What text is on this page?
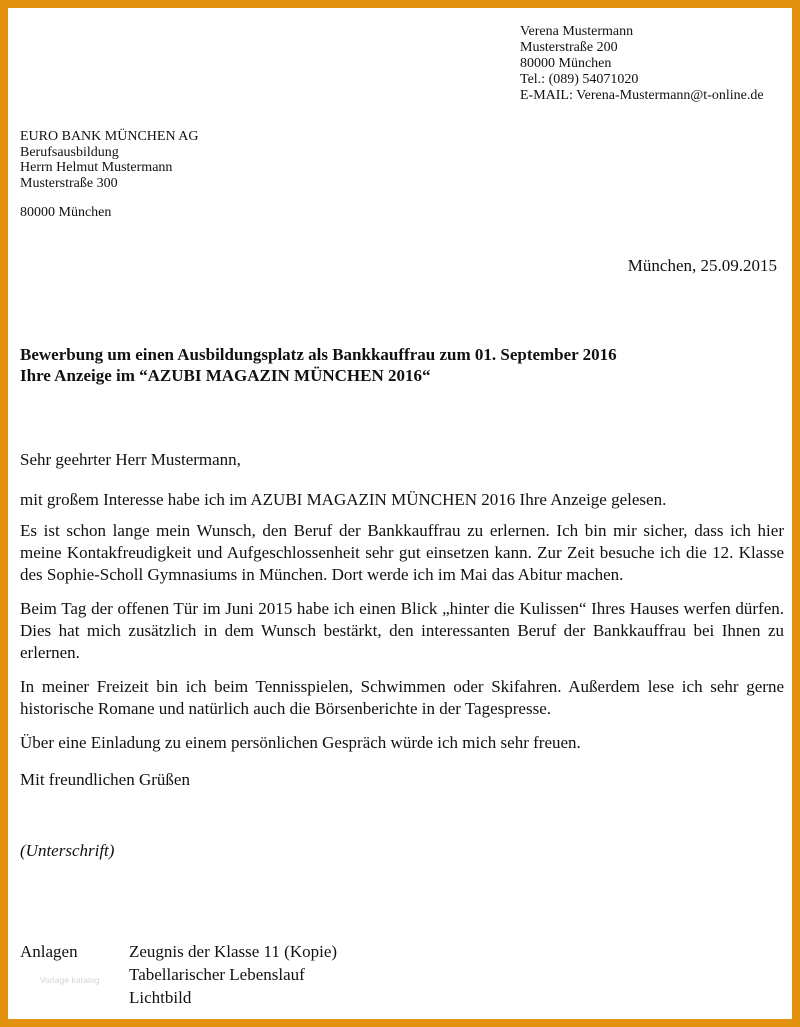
Verena Mustermann
Musterstraße 200
80000 München
Tel.: (089) 54071020
E-MAIL: Verena-Mustermann@t-online.de
EURO BANK MÜNCHEN AG
Berufsausbildung
Herrn Helmut Mustermann
Musterstraße 300
80000 München
München, 25.09.2015
Bewerbung um einen Ausbildungsplatz als Bankkauffrau zum 01. September 2016
Ihre Anzeige im “AZUBI MAGAZIN MÜNCHEN 2016“

Sehr geehrter Herr Mustermann,

mit großem Interesse habe ich im AZUBI MAGAZIN MÜNCHEN 2016 Ihre Anzeige gelesen.

Es ist schon lange mein Wunsch, den Beruf der Bankkauffrau zu erlernen. Ich bin mir sicher, dass ich hier meine Kontakfreudigkeit und Aufgeschlossenheit sehr gut einsetzen kann. Zur Zeit besuche ich die 12. Klasse des Sophie-Scholl Gymnasiums in München. Dort werde ich im Mai das Abitur machen.

Beim Tag der offenen Tür im Juni 2015 habe ich einen Blick „hinter die Kulissen“ Ihres Hauses werfen dürfen. Dies hat mich zusätzlich in dem Wunsch bestärkt, den interessanten Beruf der Bankkauffrau bei Ihnen zu erlernen.

In meiner Freizeit bin ich beim Tennisspielen, Schwimmen oder Skifahren. Außerdem lese ich sehr gerne historische Romane und natürlich auch die Börsenberichte in der Tagespresse.

Über eine Einladung zu einem persönlichen Gespräch würde ich mich sehr freuen.

Mit freundlichen Grüßen

(Unterschrift)
Anlagen	Zeugnis der Klasse 11 (Kopie)
Tabellarischer Lebenslauf
Lichtbild
Vorlage katalog
